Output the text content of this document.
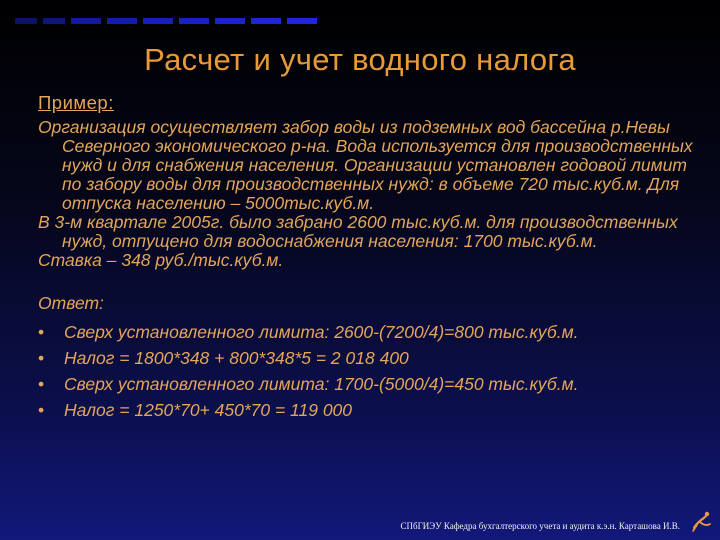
Расчет и учет водного налога
Пример:
Организация осуществляет забор воды из подземных вод бассейна р.Невы Северного экономического р-на. Вода используется для производственных нужд и для снабжения населения. Организации установлен годовой лимит по забору воды для производственных нужд: в объеме 720 тыс.куб.м. Для отпуска населению – 5000тыс.куб.м.
В 3-м квартале 2005г. было забрано 2600 тыс.куб.м. для производственных нужд, отпущено для водоснабжения населения: 1700 тыс.куб.м.
Ставка – 348 руб./тыс.куб.м.
Ответ:
•	Сверх установленного лимита: 2600-(7200/4)=800 тыс.куб.м.
•	Налог = 1800*348 + 800*348*5 = 2 018 400
•	Сверх установленного лимита: 1700-(5000/4)=450 тыс.куб.м.
•	Налог = 1250*70+ 450*70 = 119 000
СПбГИЭУ Кафедра бухгалтерского учета и аудита к.э.н. Карташова И.В.
